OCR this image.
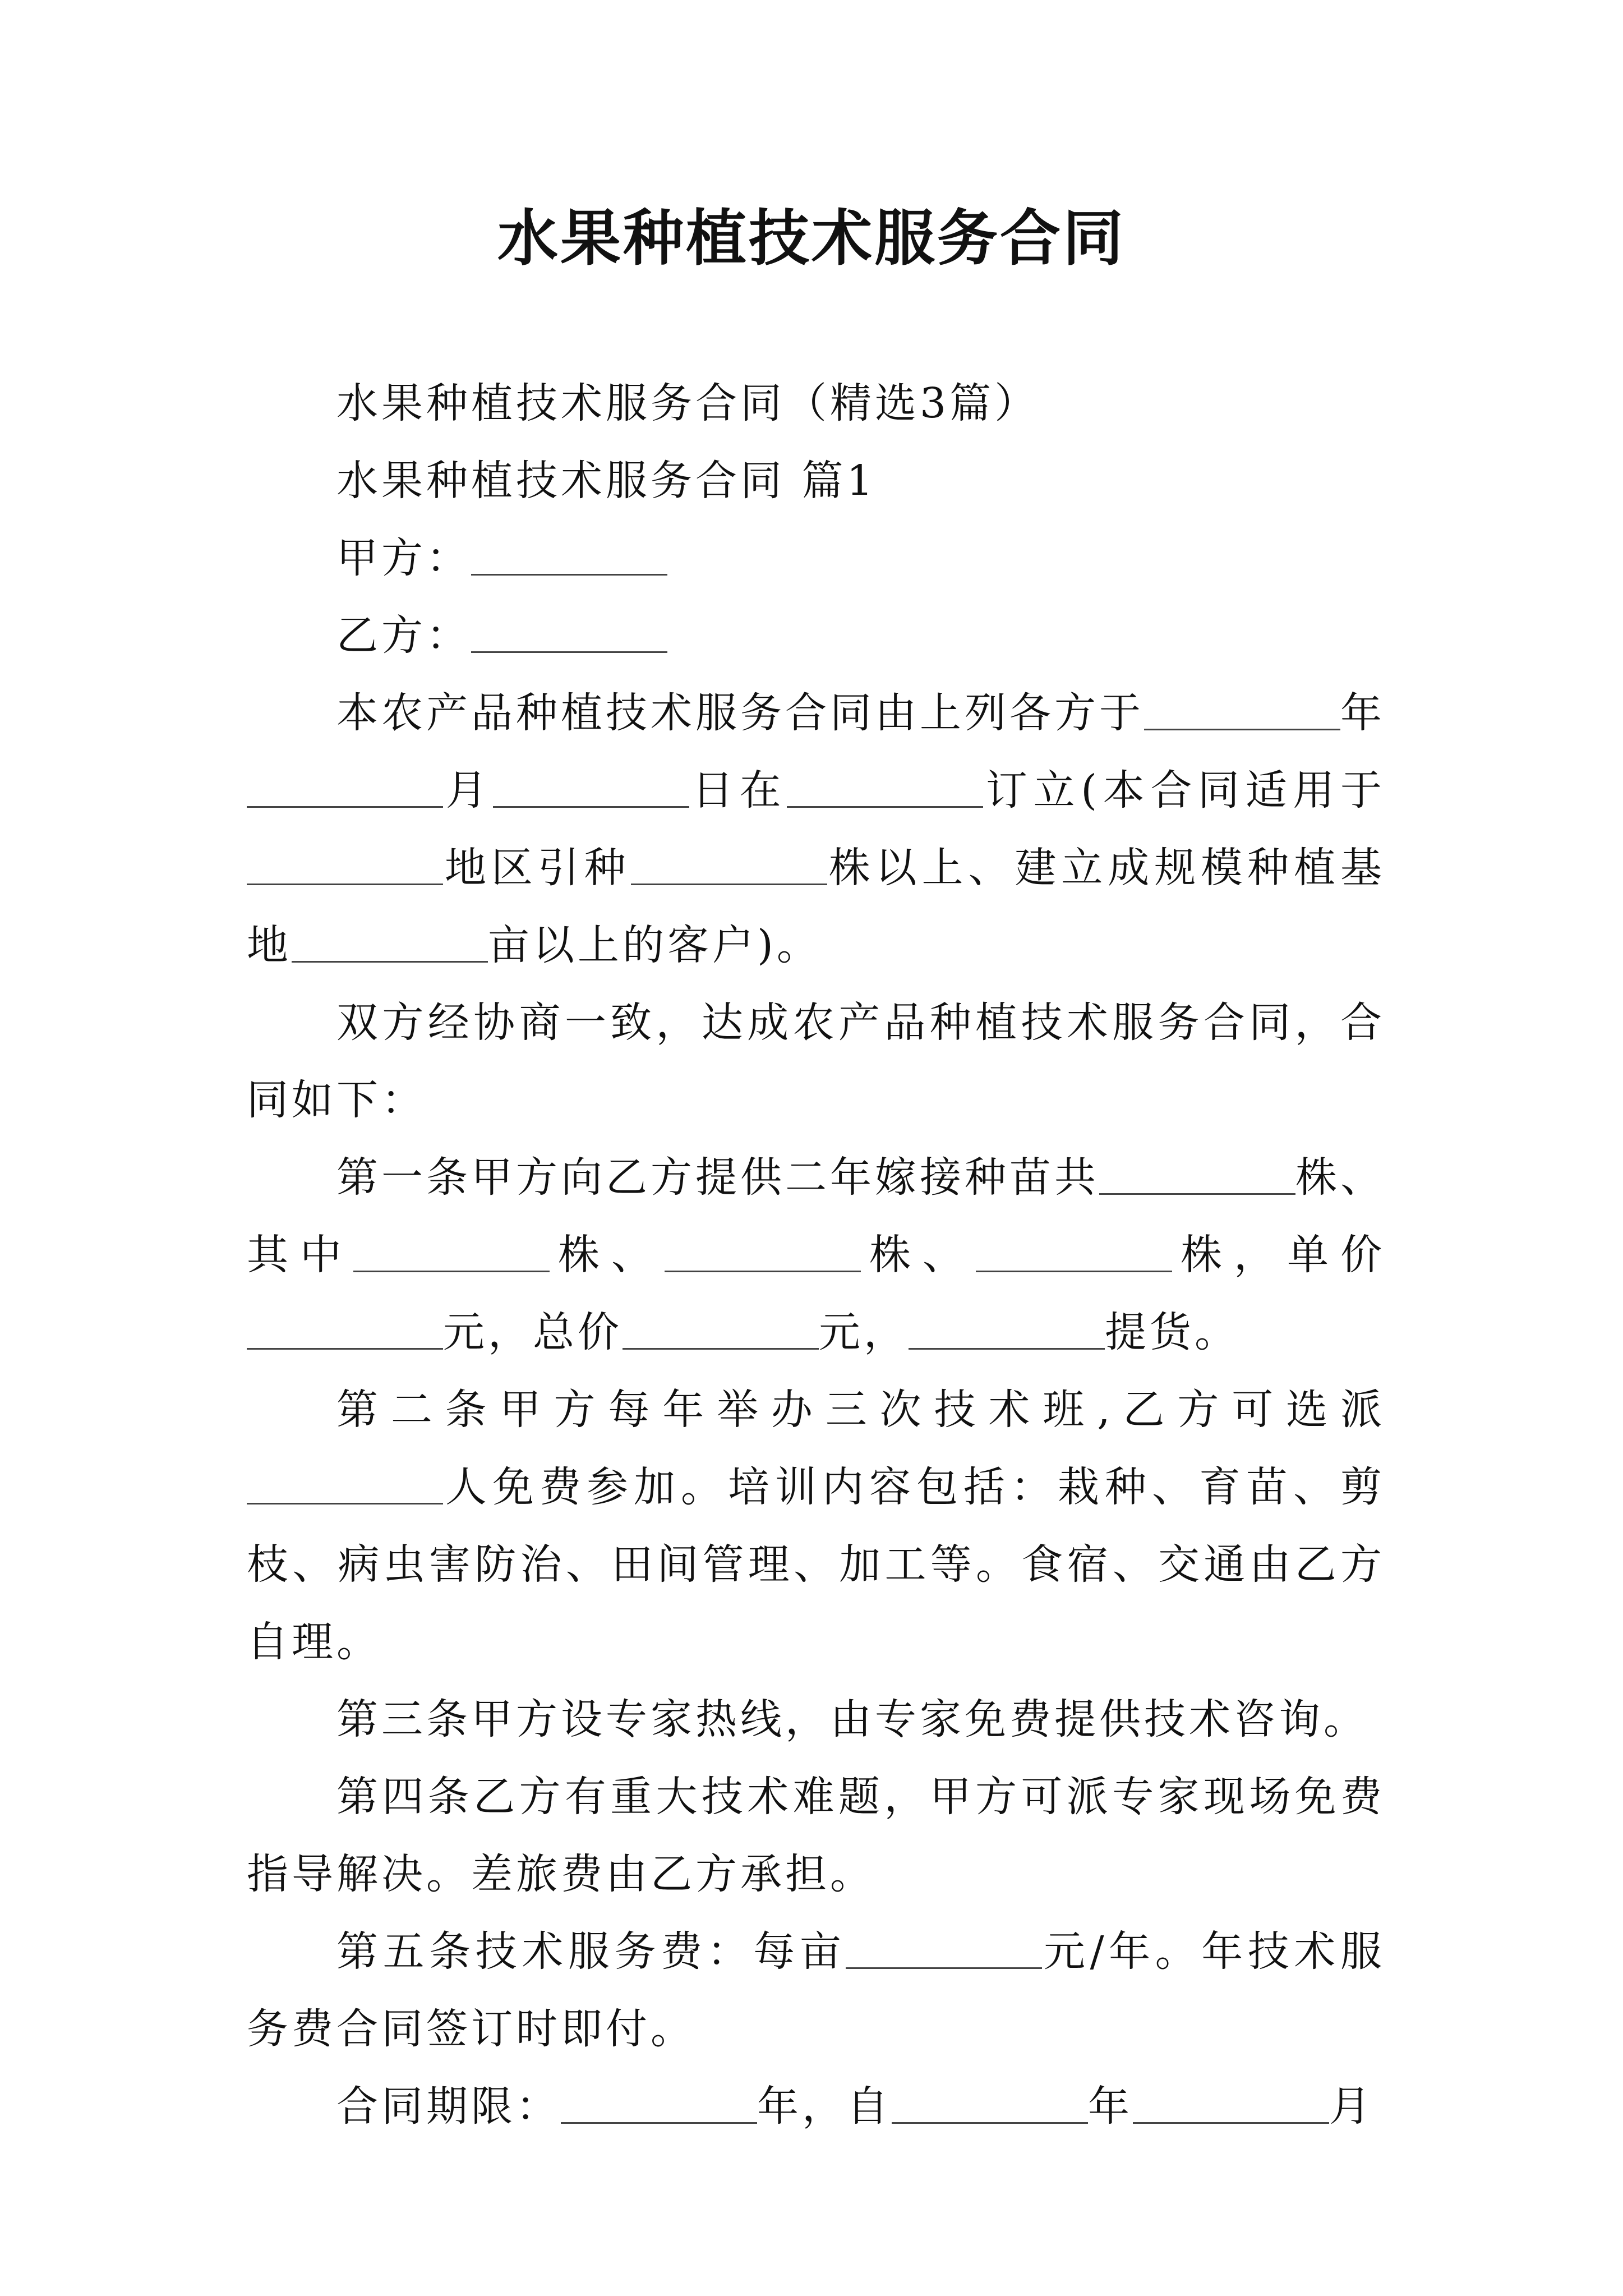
水果种植技术服务合同

水果种植技术服务合同（精选3篇）

水果种植技术服务合同 篇1

甲方：

乙方：

本农产品种植技术服务合同由上列各方于	年月	日在	订立(本合同适用于地区引种	株以上、建立成规模种植基地	亩以上的客户)。

双方经协商一致，达成农产品种植技术服务合同，合同如下：

第一条甲方向乙方提供二年嫁接种苗共	株、其中	株、	株、	株，单价元，总价	元，	提货。

第二条甲方每年举办三次技术班,乙方可选派人免费参加。培训内容包括：栽种、育苗、剪枝、病虫害防治、田间管理、加工等。食宿、交通由乙方自理。

第三条甲方设专家热线，由专家免费提供技术咨询。

第四条乙方有重大技术难题，甲方可派专家现场免费指导解决。差旅费由乙方承担。

第五条技术服务费：每亩	元/年。年技术服务费合同签订时即付。

合同期限：	年，自	年	月
